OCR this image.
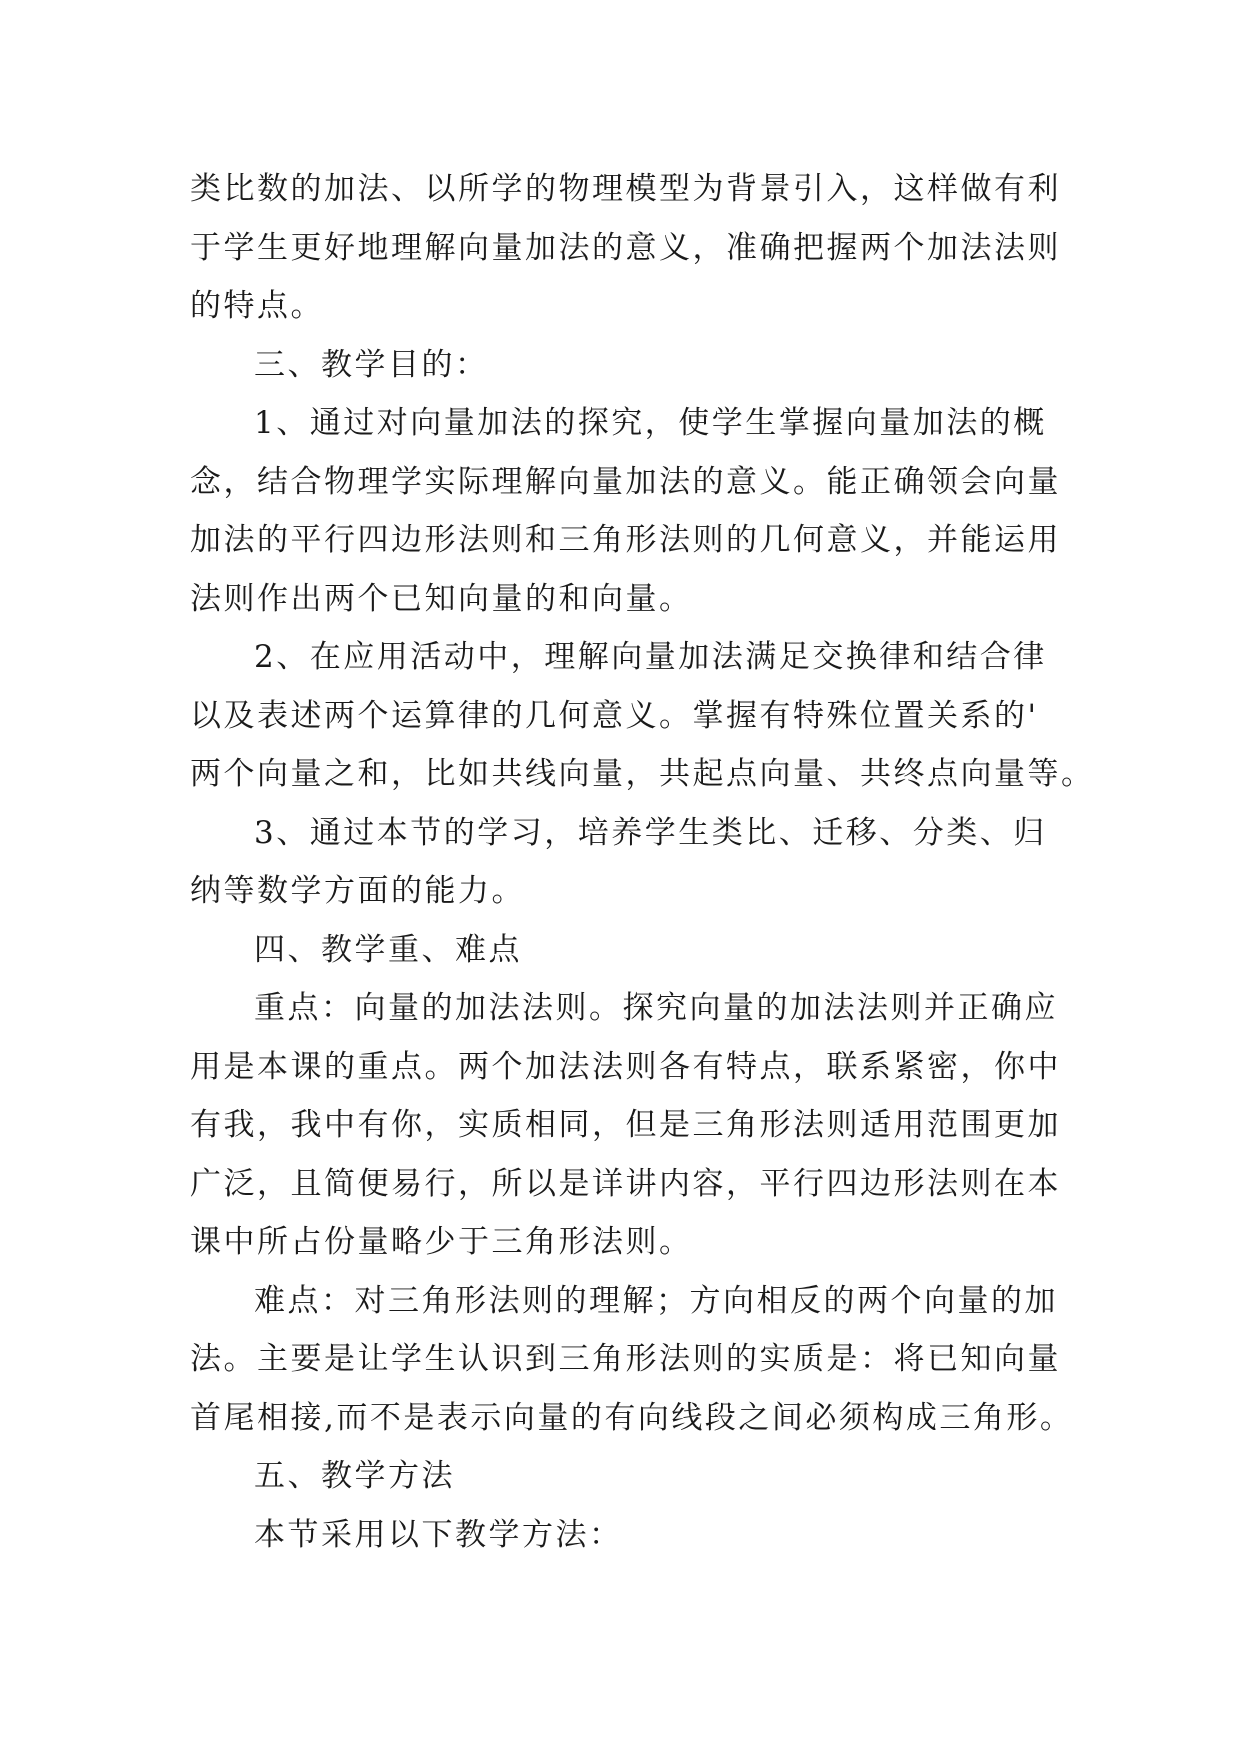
类比数的加法、以所学的物理模型为背景引入，这样做有利
于学生更好地理解向量加法的意义，准确把握两个加法法则
的特点。
三、教学目的：
1、通过对向量加法的探究，使学生掌握向量加法的概
念，结合物理学实际理解向量加法的意义。能正确领会向量
加法的平行四边形法则和三角形法则的几何意义，并能运用
法则作出两个已知向量的和向量。
2、在应用活动中，理解向量加法满足交换律和结合律
以及表述两个运算律的几何意义。掌握有特殊位置关系的'
两个向量之和，比如共线向量，共起点向量、共终点向量等。
3、通过本节的学习，培养学生类比、迁移、分类、归
纳等数学方面的能力。
四、教学重、难点
重点：向量的加法法则。探究向量的加法法则并正确应
用是本课的重点。两个加法法则各有特点，联系紧密，你中
有我，我中有你，实质相同，但是三角形法则适用范围更加
广泛，且简便易行，所以是详讲内容，平行四边形法则在本
课中所占份量略少于三角形法则。
难点：对三角形法则的理解；方向相反的两个向量的加
法。主要是让学生认识到三角形法则的实质是：将已知向量
首尾相接,而不是表示向量的有向线段之间必须构成三角形。
五、教学方法
本节采用以下教学方法：
